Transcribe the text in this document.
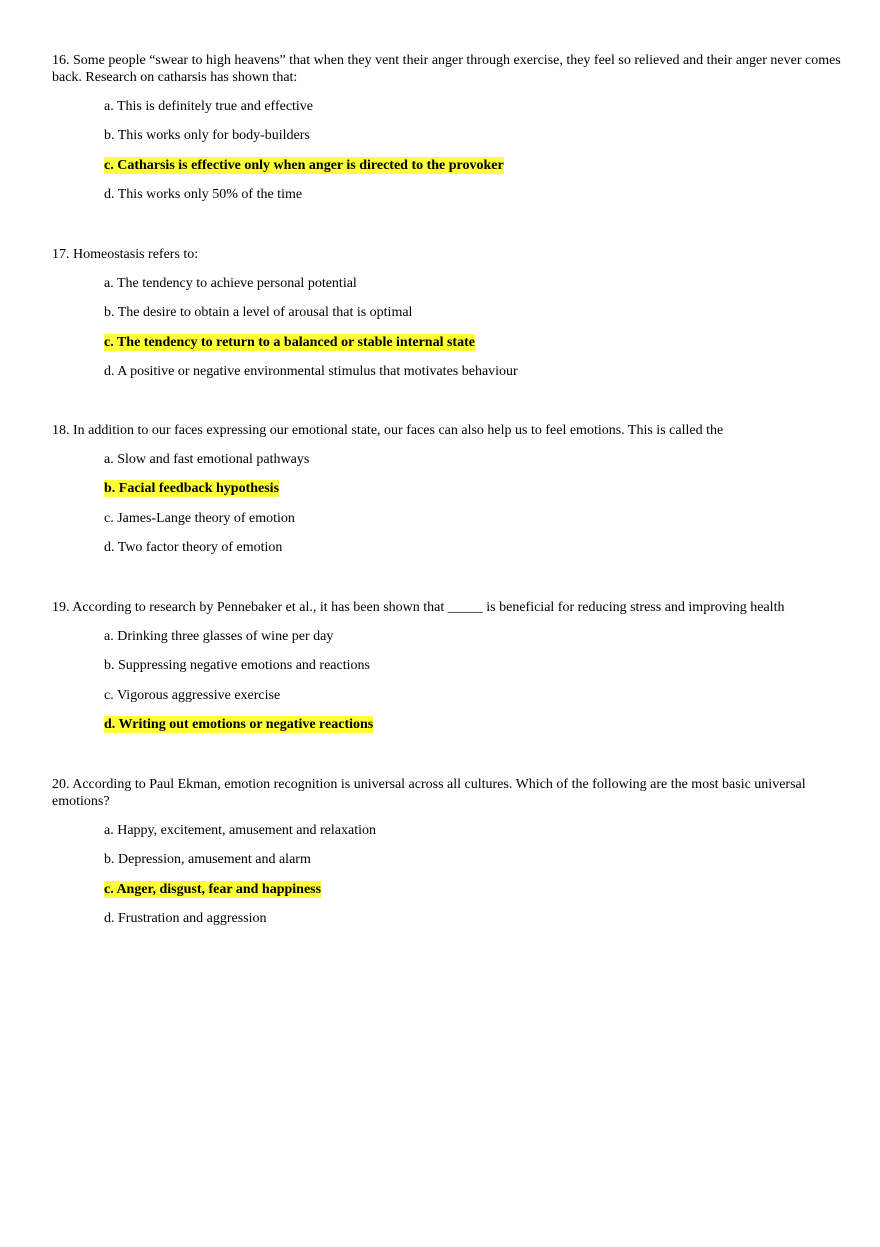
16. Some people “swear to high heavens” that when they vent their anger through exercise, they feel so relieved and their anger never comes back. Research on catharsis has shown that:

a. This is definitely true and effective
b. This works only for body-builders
c. Catharsis is effective only when anger is directed to the provoker
d. This works only 50% of the time

17. Homeostasis refers to:

a. The tendency to achieve personal potential
b. The desire to obtain a level of arousal that is optimal
c. The tendency to return to a balanced or stable internal state
d. A positive or negative environmental stimulus that motivates behaviour

18. In addition to our faces expressing our emotional state, our faces can also help us to feel emotions. This is called the

a. Slow and fast emotional pathways
b. Facial feedback hypothesis
c. James-Lange theory of emotion
d. Two factor theory of emotion

19. According to research by Pennebaker et al., it has been shown that _____ is beneficial for reducing stress and improving health

a. Drinking three glasses of wine per day
b. Suppressing negative emotions and reactions
c. Vigorous aggressive exercise
d. Writing out emotions or negative reactions

20. According to Paul Ekman, emotion recognition is universal across all cultures. Which of the following are the most basic universal emotions?

a. Happy, excitement, amusement and relaxation
b. Depression, amusement and alarm
c. Anger, disgust, fear and happiness
d. Frustration and aggression
